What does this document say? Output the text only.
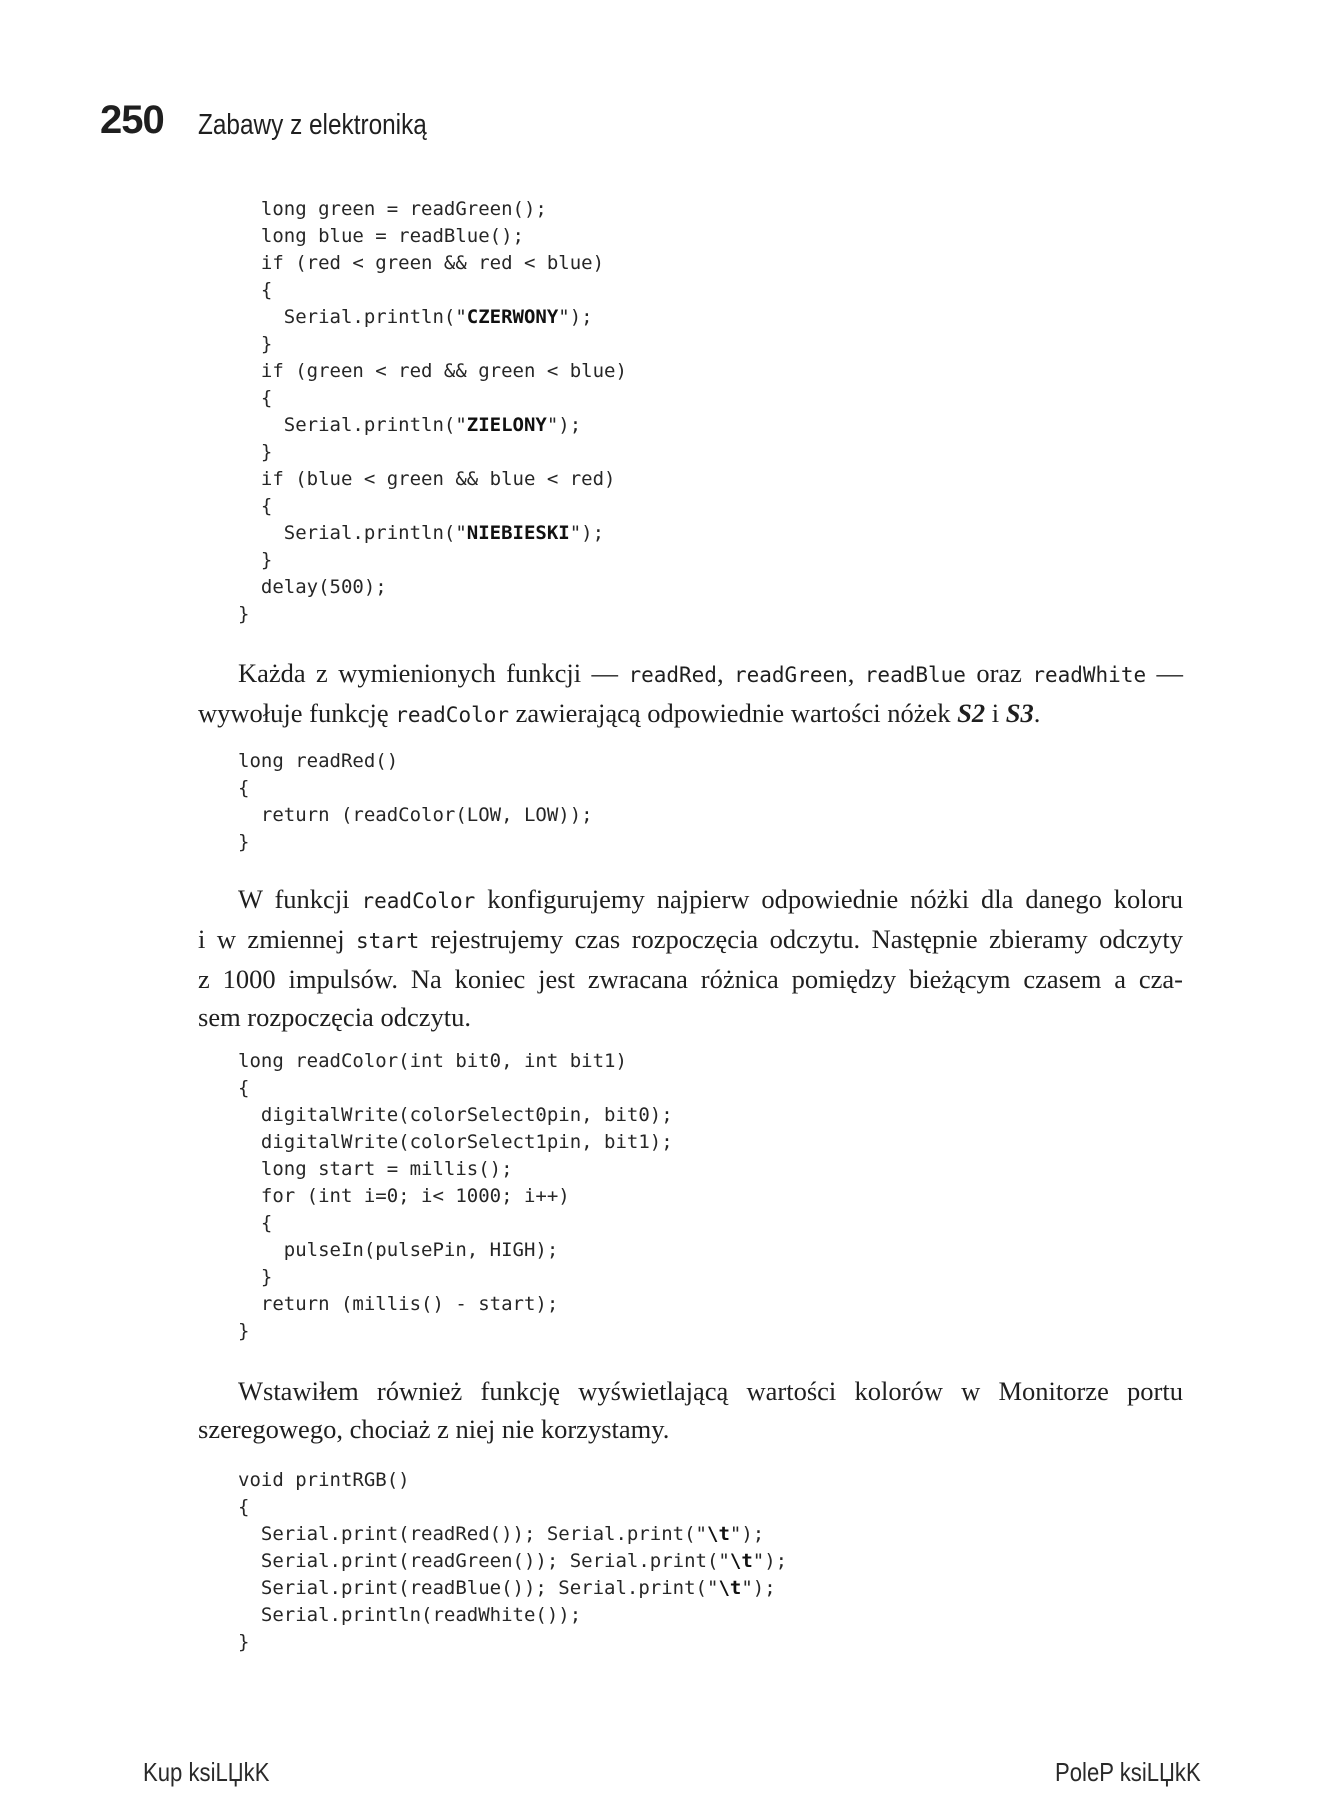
250 Zabawy z elektroniką
long green = readGreen();
long blue = readBlue();
if (red < green && red < blue)
{
Serial.println("CZERWONY");
}
if (green < red && green < blue)
{
Serial.println("ZIELONY");
}
if (blue < green && blue < red)
{
Serial.println("NIEBIESKI");
}
delay(500);
}
Każda z wymienionych funkcji — readRed, readGreen, readBlue oraz readWhite —
wywołuje funkcję readColor zawierającą odpowiednie wartości nóżek S2 i S3.
long readRed()
{
return (readColor(LOW, LOW));
}
W funkcji readColor konfigurujemy najpierw odpowiednie nóżki dla danego koloru
i w zmiennej start rejestrujemy czas rozpoczęcia odczytu. Następnie zbieramy odczyty
z 1000 impulsów. Na koniec jest zwracana różnica pomiędzy bieżącym czasem a cza-
sem rozpoczęcia odczytu.
long readColor(int bit0, int bit1)
{
digitalWrite(colorSelect0pin, bit0);
digitalWrite(colorSelect1pin, bit1);
long start = millis();
for (int i=0; i< 1000; i++)
{
pulseIn(pulsePin, HIGH);
}
return (millis() - start);
}
Wstawiłem również funkcję wyświetlającą wartości kolorów w Monitorze portu
szeregowego, chociaż z niej nie korzystamy.
void printRGB()
{
Serial.print(readRed()); Serial.print("\t");
Serial.print(readGreen()); Serial.print("\t");
Serial.print(readBlue()); Serial.print("\t");
Serial.println(readWhite());
}
Kup ksiLЏkK	PoleP ksiLЏkK
